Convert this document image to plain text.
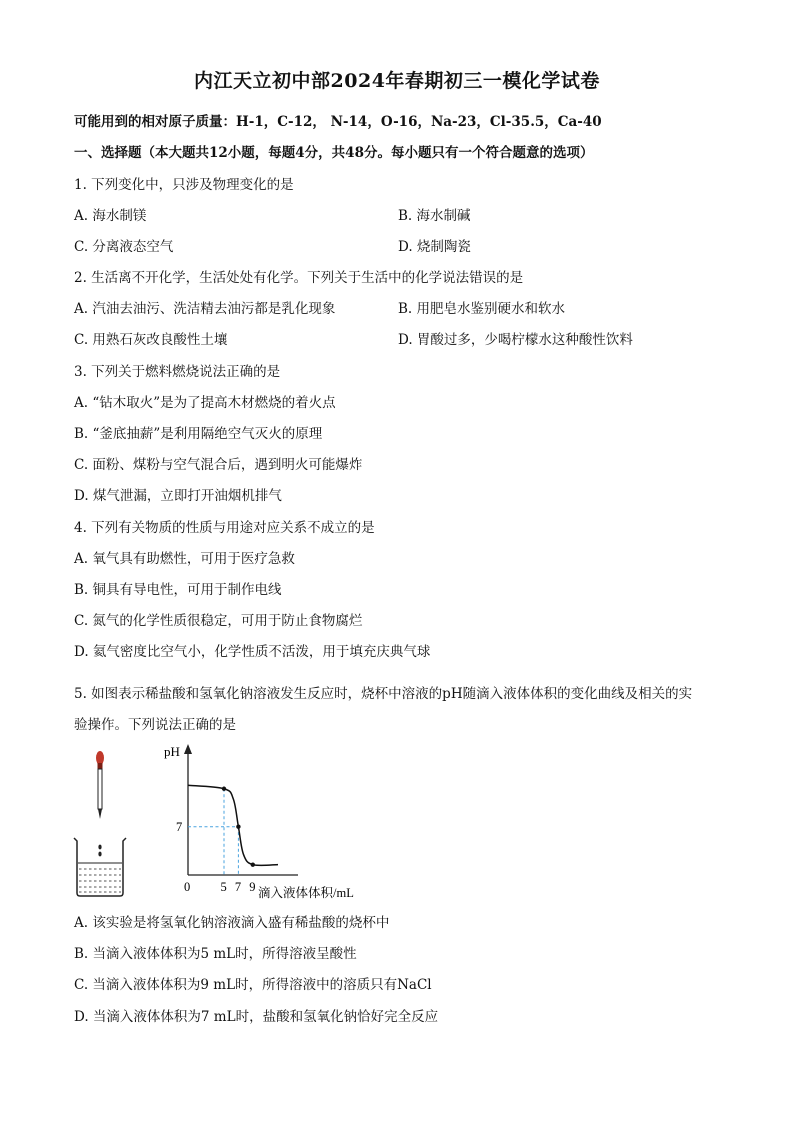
内江天立初中部2024年春期初三一模化学试卷
可能用到的相对原子质量：H-1，C-12， N-14，O-16，Na-23，Cl-35.5，Ca-40
一、选择题（本大题共12小题，每题4分，共48分。每小题只有一个符合题意的选项）
1. 下列变化中，只涉及物理变化的是
A. 海水制镁	B. 海水制碱
C. 分离液态空气	D. 烧制陶瓷
2. 生活离不开化学，生活处处有化学。下列关于生活中的化学说法错误的是
A. 汽油去油污、洗洁精去油污都是乳化现象	B. 用肥皂水鉴别硬水和软水
C. 用熟石灰改良酸性土壤	D. 胃酸过多，少喝柠檬水这种酸性饮料
3. 下列关于燃料燃烧说法正确的是
A. “钻木取火”是为了提高木材燃烧的着火点
B. “釜底抽薪”是利用隔绝空气灭火的原理
C. 面粉、煤粉与空气混合后，遇到明火可能爆炸
D. 煤气泄漏，立即打开油烟机排气
4. 下列有关物质的性质与用途对应关系不成立的是
A. 氧气具有助燃性，可用于医疗急救
B. 铜具有导电性，可用于制作电线
C. 氮气的化学性质很稳定，可用于防止食物腐烂
D. 氦气密度比空气小，化学性质不活泼，用于填充庆典气球
5. 如图表示稀盐酸和氢氧化钠溶液发生反应时，烧杯中溶液的pH随滴入液体体积的变化曲线及相关的实
验操作。下列说法正确的是
pH
滴入液体体积/mL
0 5 7 9
7
A. 该实验是将氢氧化钠溶液滴入盛有稀盐酸的烧杯中
B. 当滴入液体体积为5 mL时，所得溶液呈酸性
C. 当滴入液体体积为9 mL时，所得溶液中的溶质只有NaCl
D. 当滴入液体体积为7 mL时，盐酸和氢氧化钠恰好完全反应
